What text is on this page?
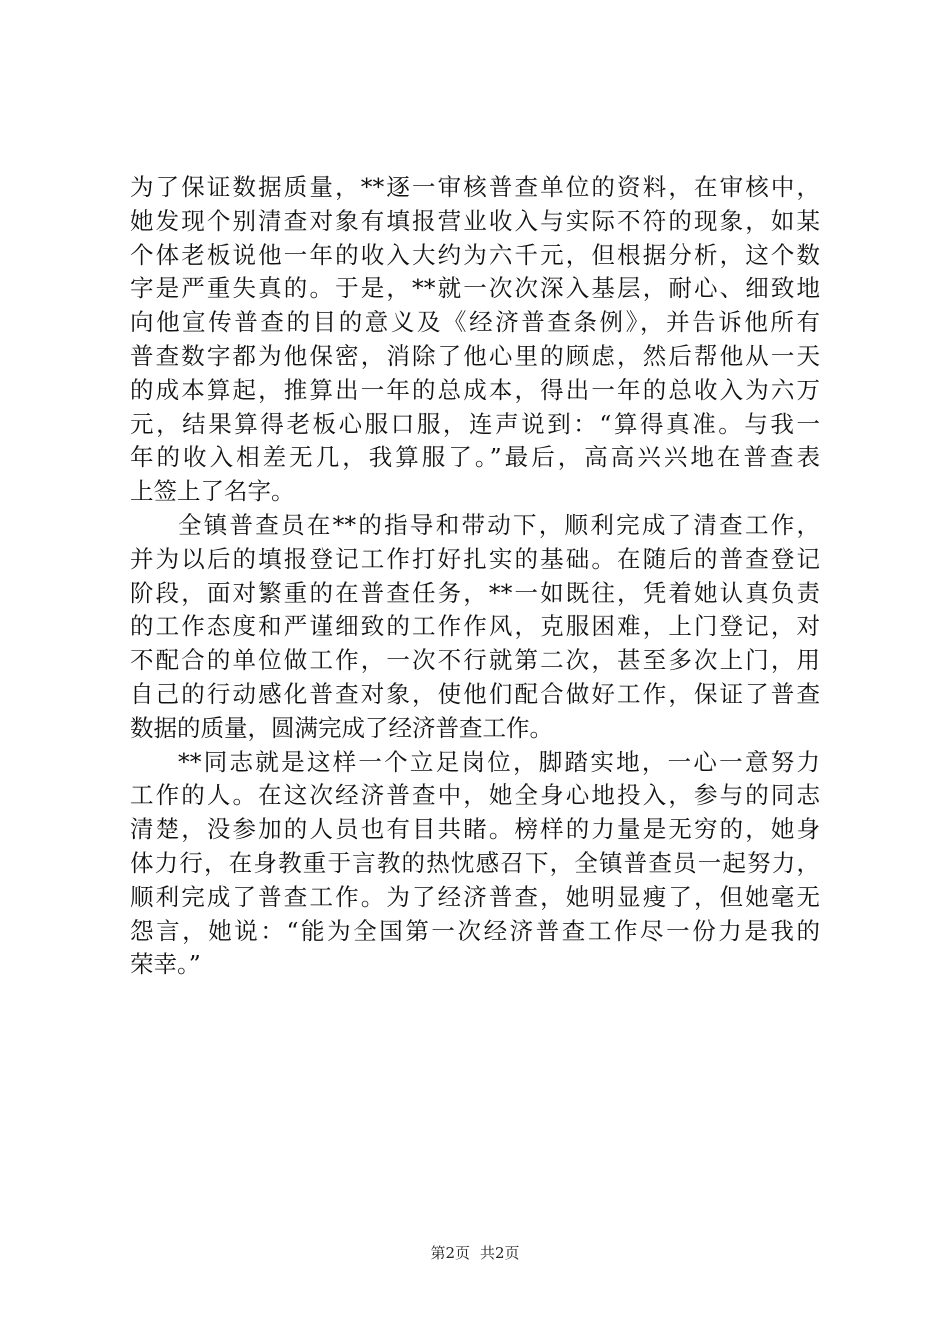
为了保证数据质量，**逐一审核普查单位的资料，在审核中，
她发现个别清查对象有填报营业收入与实际不符的现象，如某
个体老板说他一年的收入大约为六千元，但根据分析，这个数
字是严重失真的。于是，**就一次次深入基层，耐心、细致地
向他宣传普查的目的意义及《经济普查条例》，并告诉他所有
普查数字都为他保密，消除了他心里的顾虑，然后帮他从一天
的成本算起，推算出一年的总成本，得出一年的总收入为六万
元，结果算得老板心服口服，连声说到：“算得真准。与我一
年的收入相差无几，我算服了。”最后，高高兴兴地在普查表
上签上了名字。
全镇普查员在**的指导和带动下，顺利完成了清查工作，
并为以后的填报登记工作打好扎实的基础。在随后的普查登记
阶段，面对繁重的在普查任务，**一如既往，凭着她认真负责
的工作态度和严谨细致的工作作风，克服困难，上门登记，对
不配合的单位做工作，一次不行就第二次，甚至多次上门，用
自己的行动感化普查对象，使他们配合做好工作，保证了普查
数据的质量，圆满完成了经济普查工作。
**同志就是这样一个立足岗位，脚踏实地，一心一意努力
工作的人。在这次经济普查中，她全身心地投入，参与的同志
清楚，没参加的人员也有目共睹。榜样的力量是无穷的，她身
体力行，在身教重于言教的热忱感召下，全镇普查员一起努力，
顺利完成了普查工作。为了经济普查，她明显瘦了，但她毫无
怨言，她说：“能为全国第一次经济普查工作尽一份力是我的
荣幸。”
第2页 共2页
